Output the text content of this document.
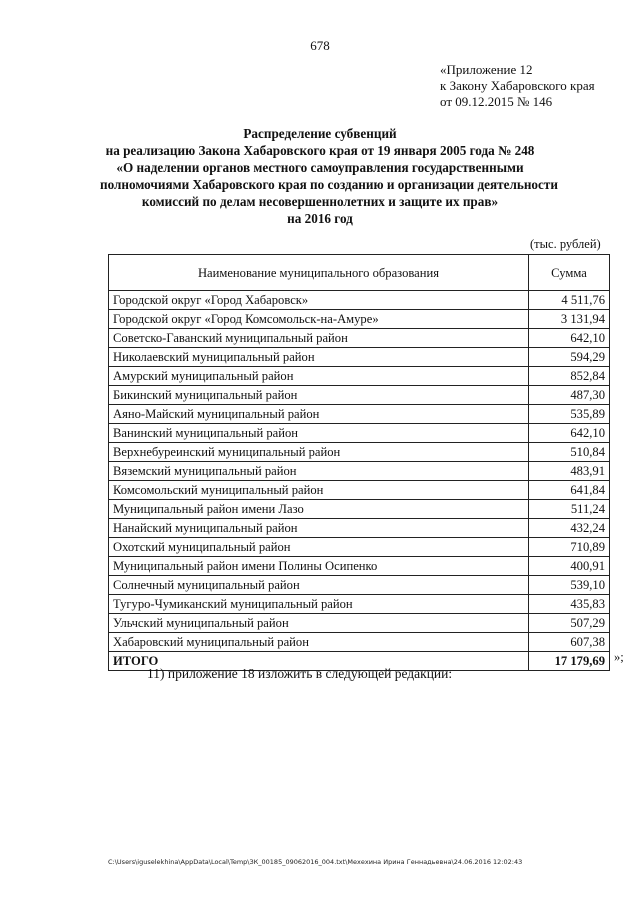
678
«Приложение 12
к Закону Хабаровского края
от 09.12.2015 № 146
Распределение субвенций
на реализацию Закона Хабаровского края от 19 января 2005 года № 248
«О наделении органов местного самоуправления государственными
полномочиями Хабаровского края по созданию и организации деятельности
комиссий по делам несовершеннолетних и защите их прав»
на 2016 год
(тыс. рублей)
Наименование муниципального образования	Сумма
Городской округ «Город Хабаровск»	4 511,76
Городской округ «Город Комсомольск-на-Амуре»	3 131,94
Советско-Гаванский муниципальный район	642,10
Николаевский муниципальный район	594,29
Амурский муниципальный район	852,84
Бикинский муниципальный район	487,30
Аяно-Майский муниципальный район	535,89
Ванинский муниципальный район	642,10
Верхнебуреинский муниципальный район	510,84
Вяземский муниципальный район	483,91
Комсомольский муниципальный район	641,84
Муниципальный район имени Лазо	511,24
Нанайский муниципальный район	432,24
Охотский муниципальный район	710,89
Муниципальный район имени Полины Осипенко	400,91
Солнечный муниципальный район	539,10
Тугуро-Чумиканский муниципальный район	435,83
Ульчский муниципальный район	507,29
Хабаровский муниципальный район	607,38
ИТОГО	17 179,69 »;
11) приложение 18 изложить в следующей редакции:
C:\Users\iguselekhina\AppData\Local\Temp\ЗК_00185_09062016_004.txt\Мехехина Ирина Геннадьевна\24.06.2016 12:02:43
